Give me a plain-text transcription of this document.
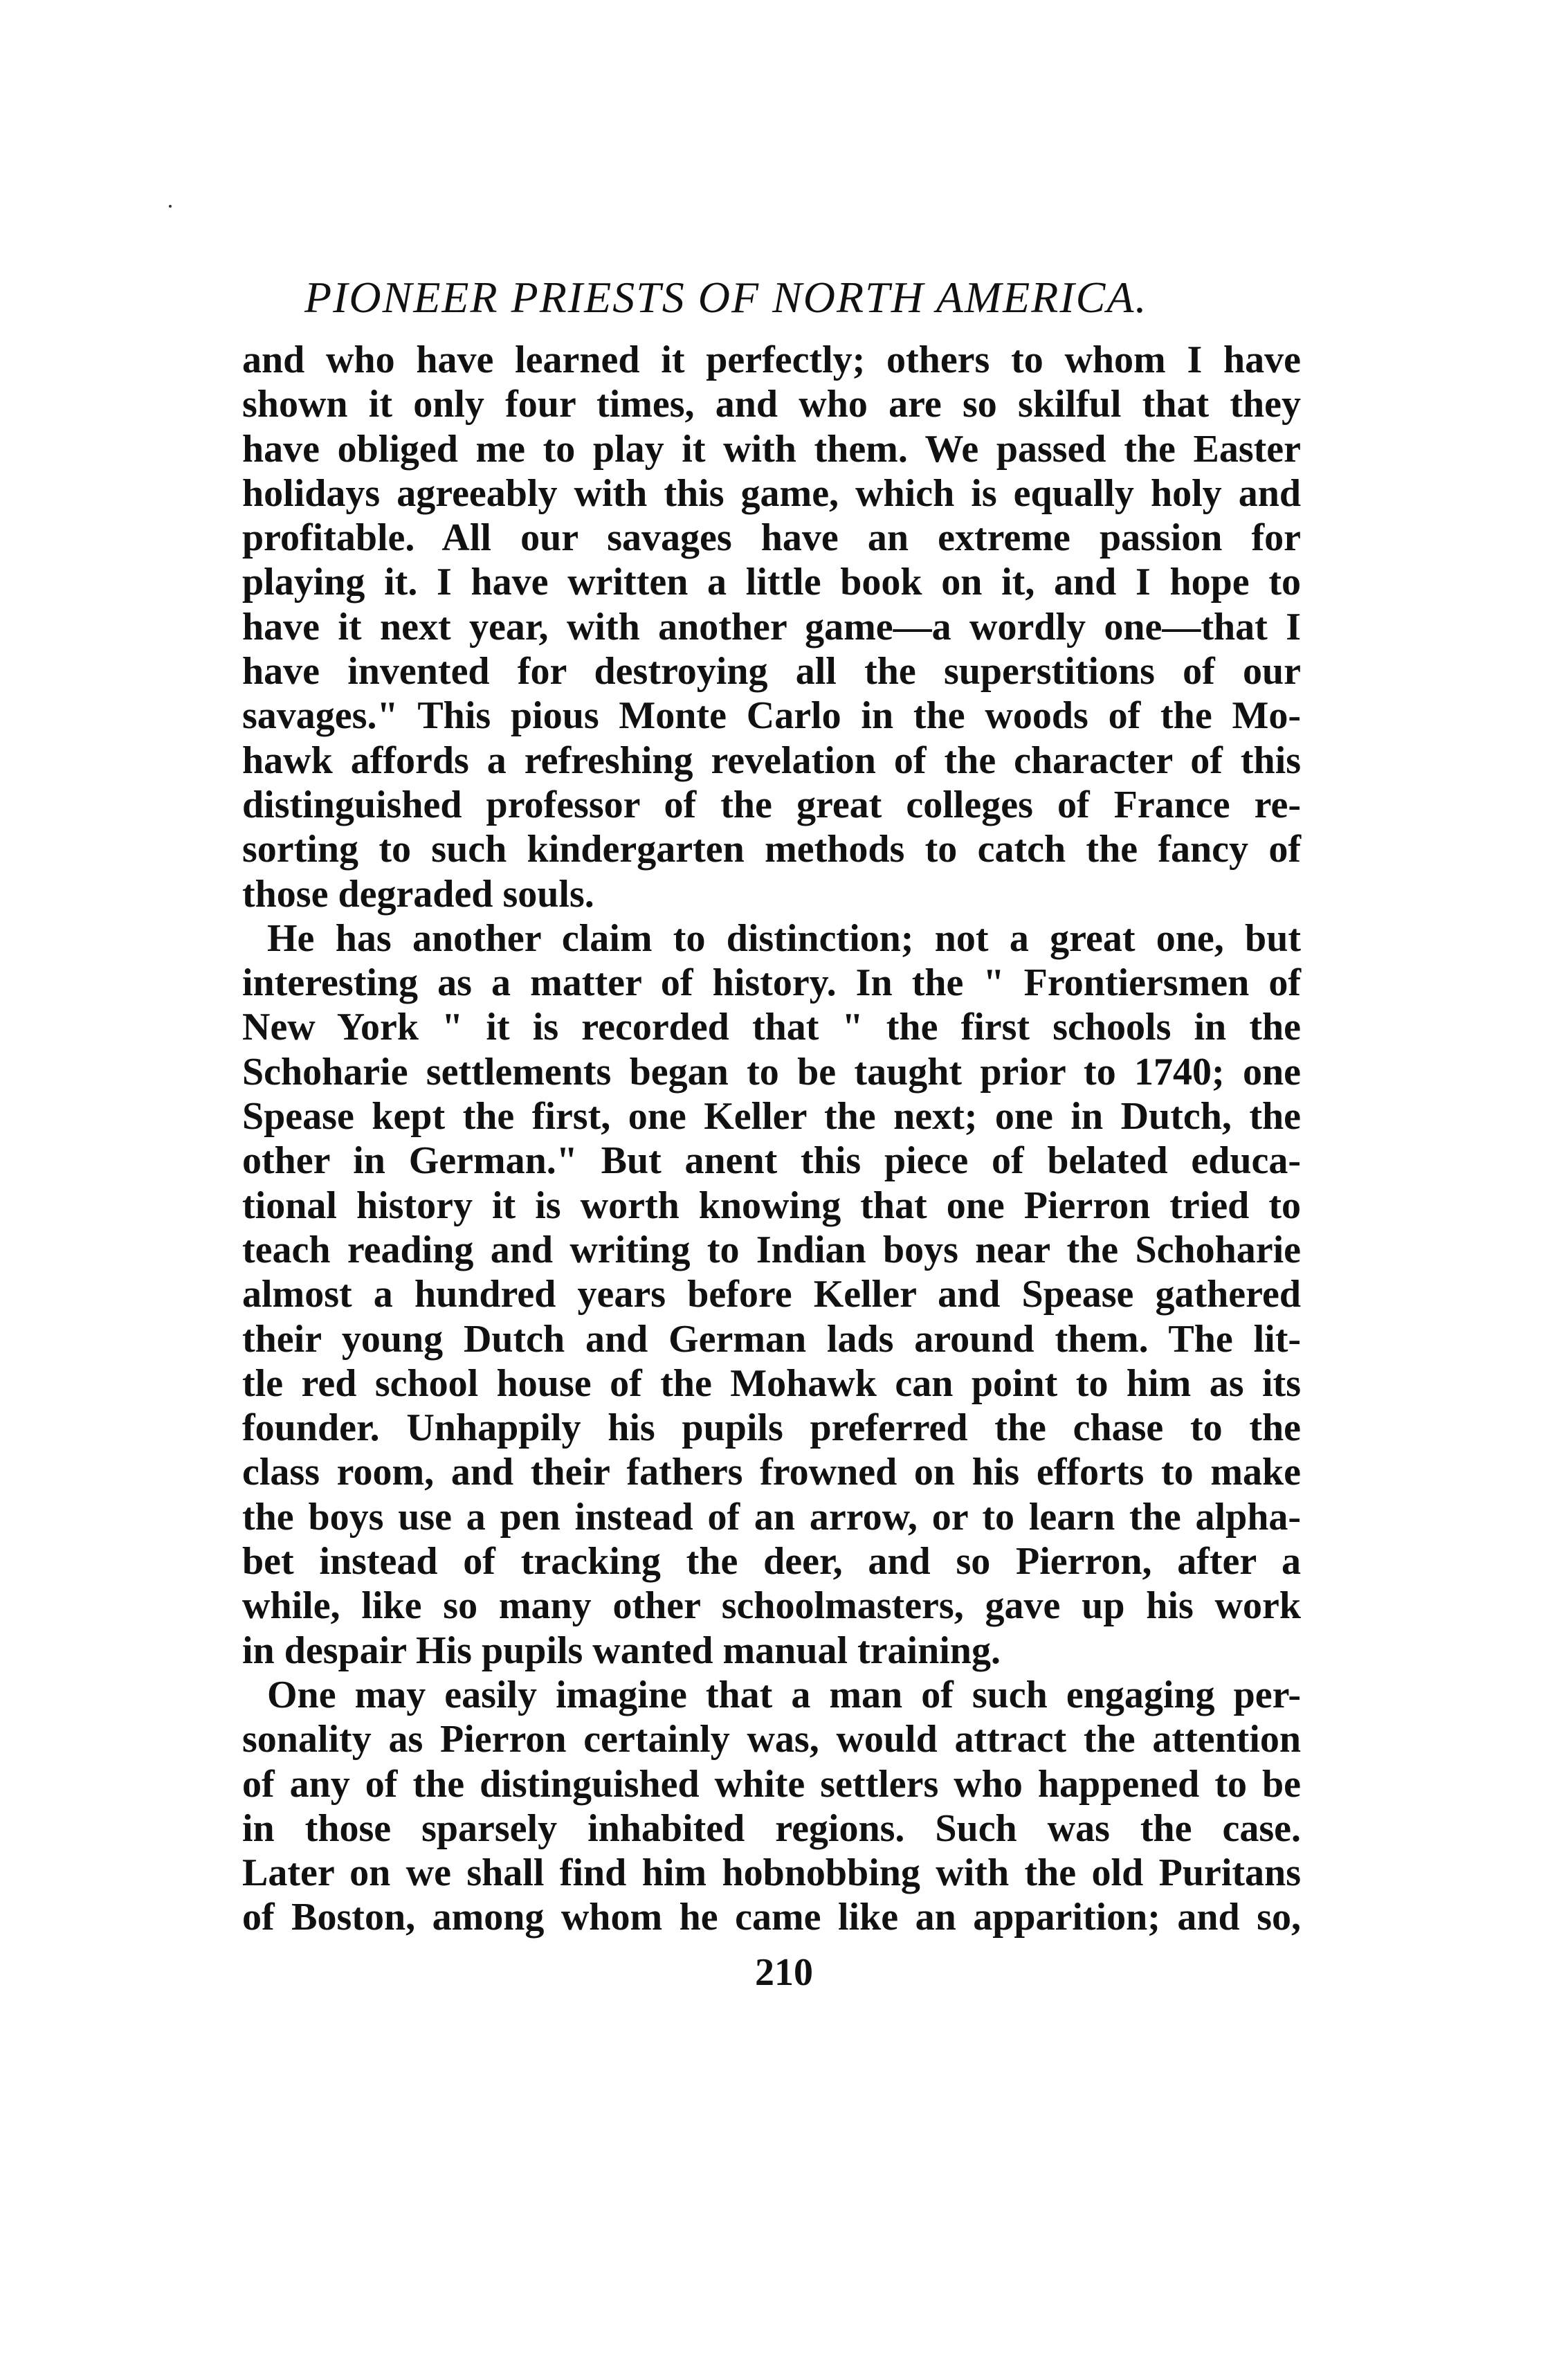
PIONEER PRIESTS OF NORTH AMERICA.
and who have learned it perfectly; others to whom I have
shown it only four times, and who are so skilful that they
have obliged me to play it with them. We passed the Easter
holidays agreeably with this game, which is equally holy and
profitable. All our savages have an extreme passion for
playing it. I have written a little book on it, and I hope to
have it next year, with another game—a wordly one—that I
have invented for destroying all the superstitions of our
savages." This pious Monte Carlo in the woods of the Mo-
hawk affords a refreshing revelation of the character of this
distinguished professor of the great colleges of France re-
sorting to such kindergarten methods to catch the fancy of
those degraded souls.
He has another claim to distinction; not a great one, but
interesting as a matter of history. In the " Frontiersmen of
New York " it is recorded that " the first schools in the
Schoharie settlements began to be taught prior to 1740; one
Spease kept the first, one Keller the next; one in Dutch, the
other in German." But anent this piece of belated educa-
tional history it is worth knowing that one Pierron tried to
teach reading and writing to Indian boys near the Schoharie
almost a hundred years before Keller and Spease gathered
their young Dutch and German lads around them. The lit-
tle red school house of the Mohawk can point to him as its
founder. Unhappily his pupils preferred the chase to the
class room, and their fathers frowned on his efforts to make
the boys use a pen instead of an arrow, or to learn the alpha-
bet instead of tracking the deer, and so Pierron, after a
while, like so many other schoolmasters, gave up his work
in despair His pupils wanted manual training.
One may easily imagine that a man of such engaging per-
sonality as Pierron certainly was, would attract the attention
of any of the distinguished white settlers who happened to be
in those sparsely inhabited regions. Such was the case.
Later on we shall find him hobnobbing with the old Puritans
of Boston, among whom he came like an apparition; and so,
210
